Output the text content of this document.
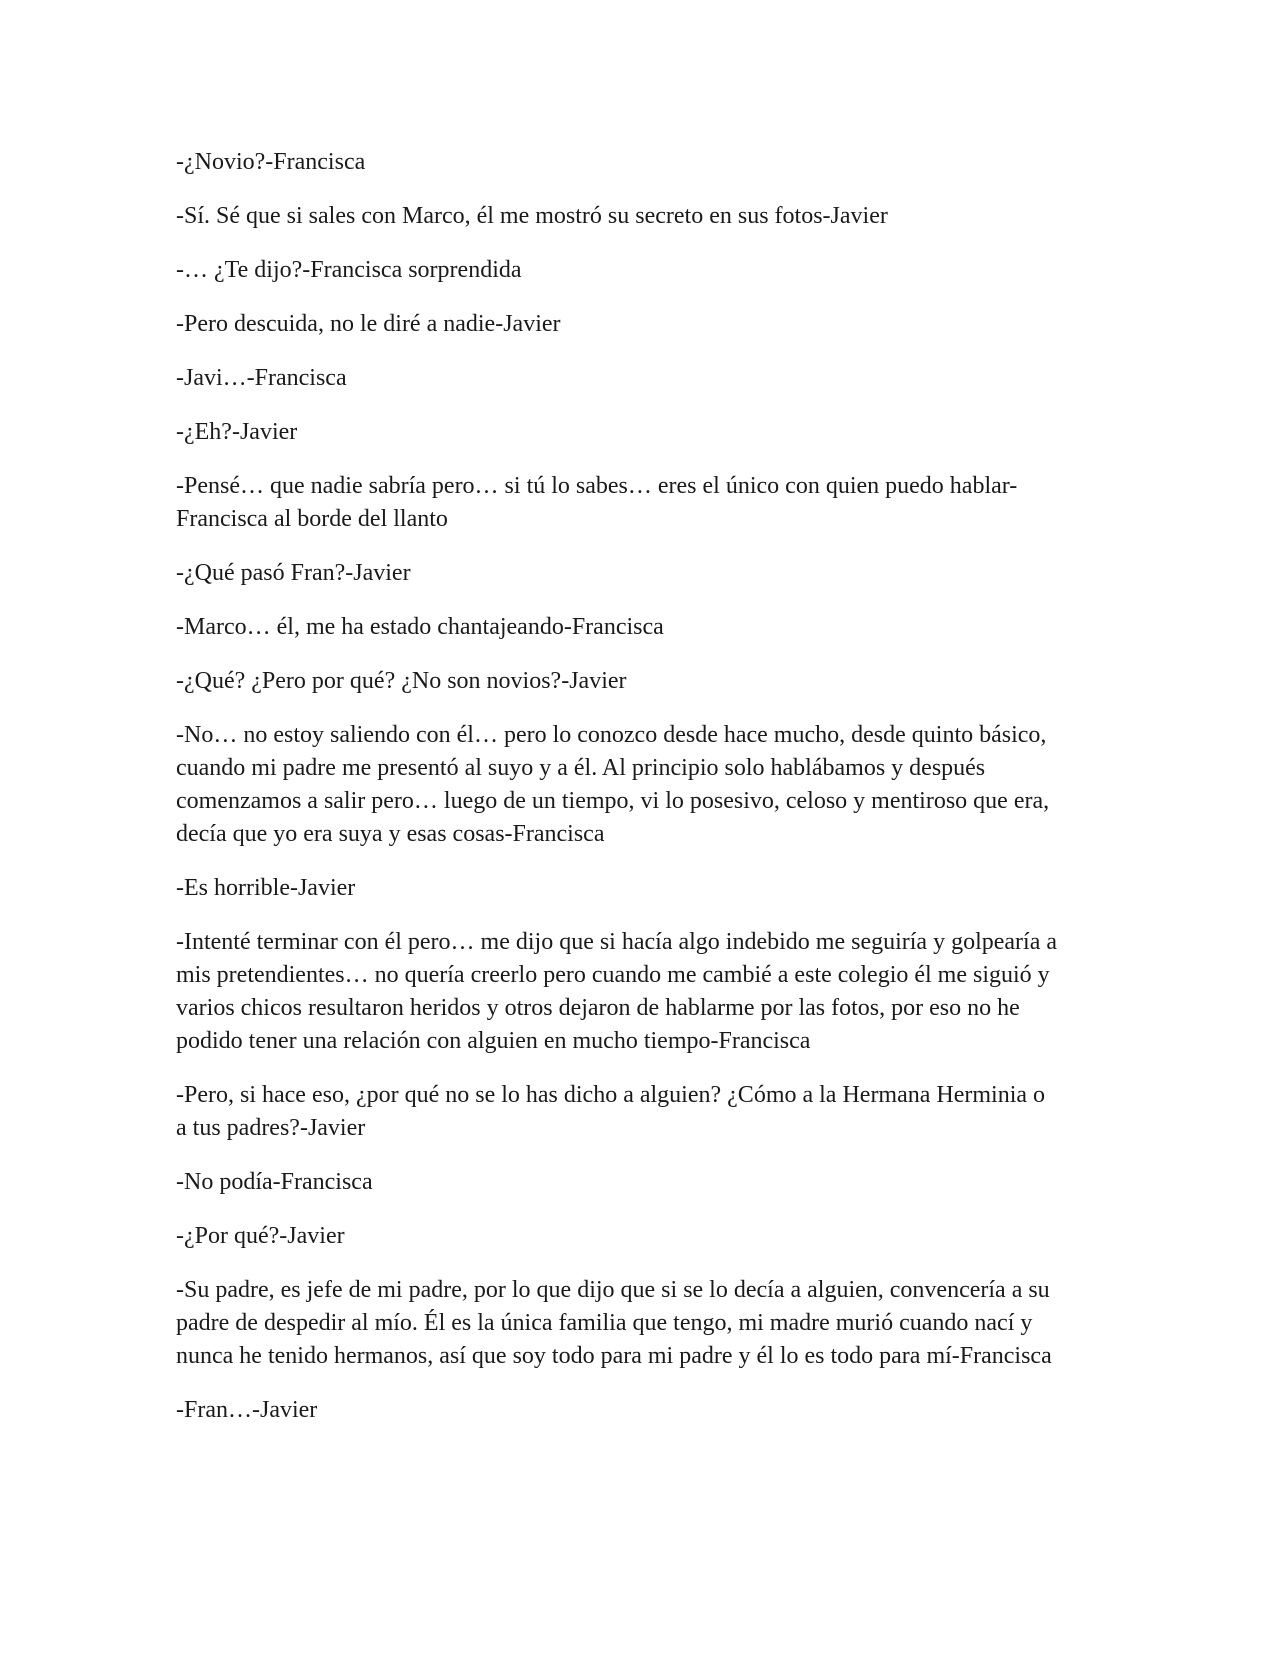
-¿Novio?-Francisca

-Sí. Sé que si sales con Marco, él me mostró su secreto en sus fotos-Javier

-… ¿Te dijo?-Francisca sorprendida

-Pero descuida, no le diré a nadie-Javier

-Javi…-Francisca

-¿Eh?-Javier

-Pensé… que nadie sabría pero… si tú lo sabes… eres el único con quien puedo hablar-
Francisca al borde del llanto

-¿Qué pasó Fran?-Javier

-Marco… él, me ha estado chantajeando-Francisca

-¿Qué? ¿Pero por qué? ¿No son novios?-Javier

-No… no estoy saliendo con él… pero lo conozco desde hace mucho, desde quinto básico,
cuando mi padre me presentó al suyo y a él. Al principio solo hablábamos y después
comenzamos a salir pero… luego de un tiempo, vi lo posesivo, celoso y mentiroso que era,
decía que yo era suya y esas cosas-Francisca

-Es horrible-Javier

-Intenté terminar con él pero… me dijo que si hacía algo indebido me seguiría y golpearía a
mis pretendientes… no quería creerlo pero cuando me cambié a este colegio él me siguió y
varios chicos resultaron heridos y otros dejaron de hablarme por las fotos, por eso no he
podido tener una relación con alguien en mucho tiempo-Francisca

-Pero, si hace eso, ¿por qué no se lo has dicho a alguien? ¿Cómo a la Hermana Herminia o
a tus padres?-Javier

-No podía-Francisca

-¿Por qué?-Javier

-Su padre, es jefe de mi padre, por lo que dijo que si se lo decía a alguien, convencería a su
padre de despedir al mío. Él es la única familia que tengo, mi madre murió cuando nací y
nunca he tenido hermanos, así que soy todo para mi padre y él lo es todo para mí-Francisca

-Fran…-Javier
